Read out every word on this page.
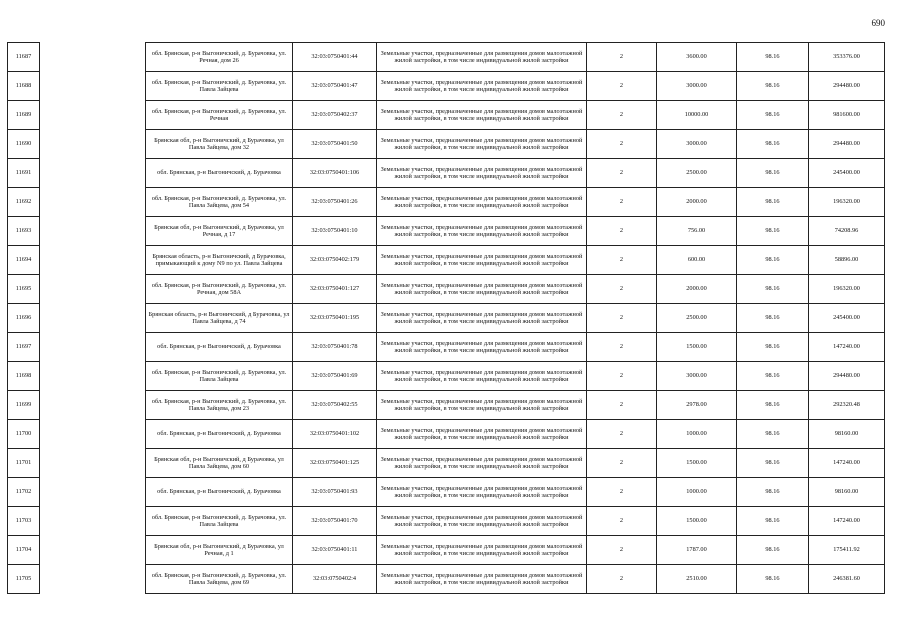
690
11687		обл. Брянская, р-н Выгоничский, д. Бурачовка, ул. Речная, дом 26	32:03:0750401:44	Земельные участки, предназначенные для размещения домов малоэтажной жилой застройки, в том числе индивидуальной жилой застройки	2	3600.00	98.16	353376.00
11688		обл. Брянская, р-н Выгоничский, д. Бурачовка, ул. Павла Зайцева	32:03:0750401:47	Земельные участки, предназначенные для размещения домов малоэтажной жилой застройки, в том числе индивидуальной жилой застройки	2	3000.00	98.16	294480.00
11689		обл. Брянская, р-н Выгоничский, д. Бурачовка, ул. Речная	32:03:0750402:37	Земельные участки, предназначенные для размещения домов малоэтажной жилой застройки, в том числе индивидуальной жилой застройки	2	10000.00	98.16	981600.00
11690		Брянская обл, р-н Выгоничский, д Бурачовка, ул Павла Зайцева, дом 32	32:03:0750401:50	Земельные участки, предназначенные для размещения домов малоэтажной жилой застройки, в том числе индивидуальной жилой застройки	2	3000.00	98.16	294480.00
11691		обл. Брянская, р-н Выгоничский, д. Бурачовка	32:03:0750401:106	Земельные участки, предназначенные для размещения домов малоэтажной жилой застройки, в том числе индивидуальной жилой застройки	2	2500.00	98.16	245400.00
11692		обл. Брянская, р-н Выгоничский, д. Бурачовка, ул. Павла Зайцева, дом 54	32:03:0750401:26	Земельные участки, предназначенные для размещения домов малоэтажной жилой застройки, в том числе индивидуальной жилой застройки	2	2000.00	98.16	196320.00
11693		Брянская обл, р-н Выгоничский, д Бурачовка, ул Речная, д 17	32:03:0750401:10	Земельные участки, предназначенные для размещения домов малоэтажной жилой застройки, в том числе индивидуальной жилой застройки	2	756.00	98.16	74208.96
11694		Брянская область, р-н Выгоничский, д Бурачовка, примыкающий к дому N9 по ул. Павла Зайцева	32:03:0750402:179	Земельные участки, предназначенные для размещения домов малоэтажной жилой застройки, в том числе индивидуальной жилой застройки	2	600.00	98.16	58896.00
11695		обл. Брянская, р-н Выгоничский, д. Бурачовка, ул. Речная, дом 58А	32:03:0750401:127	Земельные участки, предназначенные для размещения домов малоэтажной жилой застройки, в том числе индивидуальной жилой застройки	2	2000.00	98.16	196320.00
11696		Брянская область, р-н Выгоничский, д Бурачовка, ул Павла Зайцева, д 74	32:03:0750401:195	Земельные участки, предназначенные для размещения домов малоэтажной жилой застройки, в том числе индивидуальной жилой застройки	2	2500.00	98.16	245400.00
11697		обл. Брянская, р-н Выгоничский, д. Бурачовка	32:03:0750401:78	Земельные участки, предназначенные для размещения домов малоэтажной жилой застройки, в том числе индивидуальной жилой застройки	2	1500.00	98.16	147240.00
11698		обл. Брянская, р-н Выгоничский, д. Бурачовка, ул. Павла Зайцева	32:03:0750401:69	Земельные участки, предназначенные для размещения домов малоэтажной жилой застройки, в том числе индивидуальной жилой застройки	2	3000.00	98.16	294480.00
11699		обл. Брянская, р-н Выгоничский, д. Бурачовка, ул. Павла Зайцева, дом 23	32:03:0750402:55	Земельные участки, предназначенные для размещения домов малоэтажной жилой застройки, в том числе индивидуальной жилой застройки	2	2978.00	98.16	292320.48
11700		обл. Брянская, р-н Выгоничский, д. Бурачовка	32:03:0750401:102	Земельные участки, предназначенные для размещения домов малоэтажной жилой застройки, в том числе индивидуальной жилой застройки	2	1000.00	98.16	98160.00
11701		Брянская обл, р-н Выгоничский, д Бурачовка, ул Павла Зайцева, дом 60	32:03:0750401:125	Земельные участки, предназначенные для размещения домов малоэтажной жилой застройки, в том числе индивидуальной жилой застройки	2	1500.00	98.16	147240.00
11702		обл. Брянская, р-н Выгоничский, д. Бурачовка	32:03:0750401:93	Земельные участки, предназначенные для размещения домов малоэтажной жилой застройки, в том числе индивидуальной жилой застройки	2	1000.00	98.16	98160.00
11703		обл. Брянская, р-н Выгоничский, д. Бурачовка, ул. Павла Зайцева	32:03:0750401:70	Земельные участки, предназначенные для размещения домов малоэтажной жилой застройки, в том числе индивидуальной жилой застройки	2	1500.00	98.16	147240.00
11704		Брянская обл, р-н Выгоничский, д Бурачовка, ул Речная, д 1	32:03:0750401:11	Земельные участки, предназначенные для размещения домов малоэтажной жилой застройки, в том числе индивидуальной жилой застройки	2	1787.00	98.16	175411.92
11705		обл. Брянская, р-н Выгоничский, д. Бурачовка, ул. Павла Зайцева, дом 69	32:03:0750402:4	Земельные участки, предназначенные для размещения домов малоэтажной жилой застройки, в том числе индивидуальной жилой застройки	2	2510.00	98.16	246381.60
